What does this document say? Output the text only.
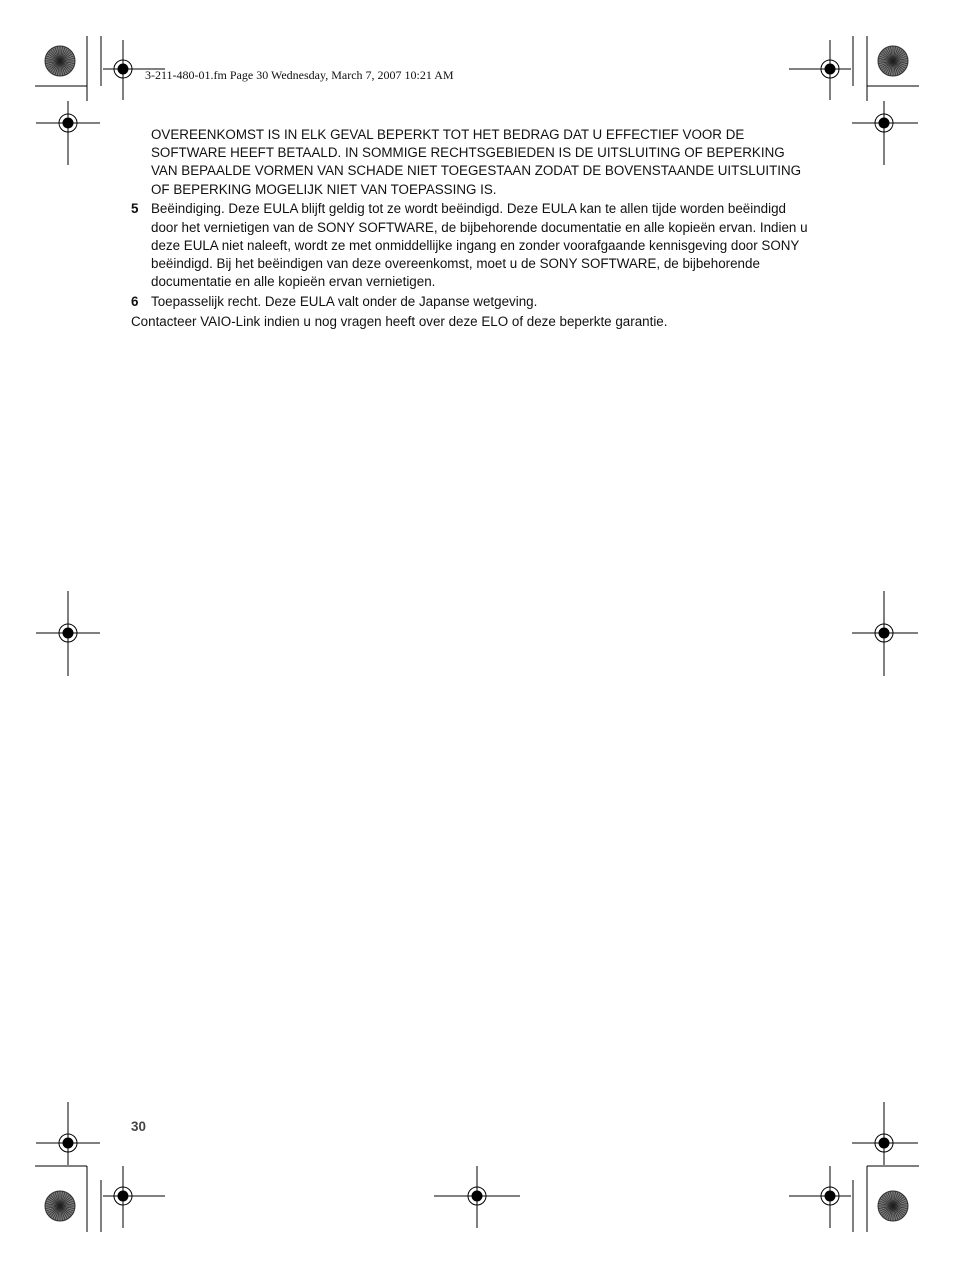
3-211-480-01.fm Page 30 Wednesday, March 7, 2007 10:21 AM

OVEREENKOMST IS IN ELK GEVAL BEPERKT TOT HET BEDRAG DAT U EFFECTIEF VOOR DE SOFTWARE HEEFT BETAALD. IN SOMMIGE RECHTSGEBIEDEN IS DE UITSLUITING OF BEPERKING VAN BEPAALDE VORMEN VAN SCHADE NIET TOEGESTAAN ZODAT DE BOVENSTAANDE UITSLUITING OF BEPERKING MOGELIJK NIET VAN TOEPASSING IS.

5 Beëindiging. Deze EULA blijft geldig tot ze wordt beëindigd. Deze EULA kan te allen tijde worden beëindigd door het vernietigen van de SONY SOFTWARE, de bijbehorende documentatie en alle kopieën ervan. Indien u deze EULA niet naleeft, wordt ze met onmiddellijke ingang en zonder voorafgaande kennisgeving door SONY beëindigd. Bij het beëindigen van deze overeenkomst, moet u de SONY SOFTWARE, de bijbehorende documentatie en alle kopieën ervan vernietigen.
6 Toepasselijk recht. Deze EULA valt onder de Japanse wetgeving.

Contacteer VAIO-Link indien u nog vragen heeft over deze ELO of deze beperkte garantie.

30
